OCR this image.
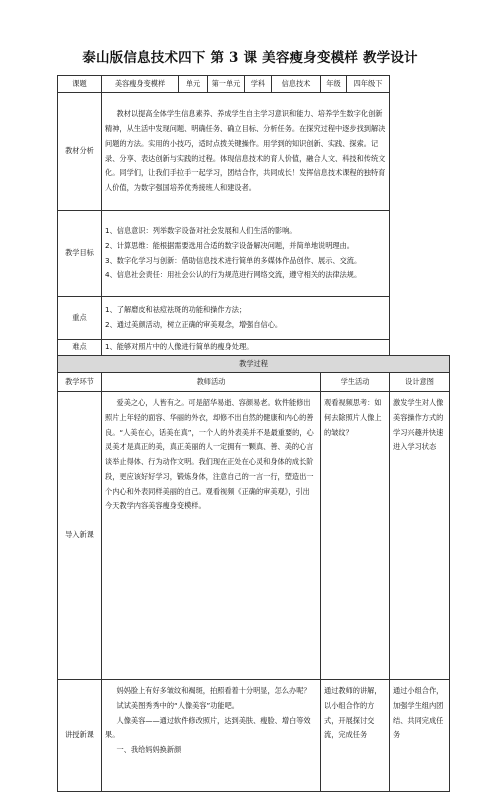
泰山版信息技术四下 第 3 课 美容瘦身变模样 教学设计
课题	美容瘦身变模样	单元	第一单元	学科	信息技术	年级	四年级下	
教材分析	教材以提高全体学生信息素养、养成学生自主学习意识和能力、培养学生数字化创新精神，从生活中发现问题、明确任务、确立目标、分析任务。在探究过程中逐步找到解决问题的方法。实用的小技巧，适时点拨关键操作。用学到的知识创新、实践、探索。记录、分享、表达创新与实践的过程。体现信息技术的育人价值，融合人文、科技和传统文化。同学们，让我们手拉手一起学习，团结合作，共同成长！发挥信息技术课程的独特育人价值，为数字强国培养优秀接班人和建设者。							

教学目标	1、信息意识：列举数字设备对社会发展和人们生活的影响。

2、计算思维：能根据需要选用合适的数字设备解决问题，并简单地说明理由。

3、数字化学习与创新：借助信息技术进行简单的多媒体作品创作、展示、交流。

4、信息社会责任：用社会公认的行为规范进行网络交流，遵守相关的法律法规。							

重点	1、了解磨皮和祛痘祛斑的功能和操作方法；

2、通过美颜活动，树立正确的审美观念，增强自信心。							

难点	1、能够对照片中的人像进行简单的瘦身处理。							
教学过程								
教学环节	教师活动					学生活动		设计意图
导入新课	爱美之心，人皆有之。可是韶华易逝、容颜易老。软件能修出照片上年轻的面容、华丽的外衣，却修不出自然的健康和内心的善良。“人美在心，话美在真”，一个人的外表美并不是最重要的，心灵美才是真正的美，真正美丽的人一定拥有一颗真、善、美的心言谈举止得体、行为动作文明。我们现在正处在心灵和身体的成长阶段，更应该好好学习，锻炼身体，注意自己的一言一行，塑造出一个内心和外表同样美丽的自己。观看视频《正确的审美观》，引出今天教学内容美容瘦身变模样。					观看视频思考：如何去除照片人像上的皱纹？		激发学生对人像美容操作方式的学习兴趣并快速进入学习状态

讲授新课	妈妈脸上有好多皱纹和褐斑，拍照看着十分明显，怎么办呢？

试试美图秀秀中的“人像美容”功能吧。

人像美容——通过软件修改照片，达到美肤、瘦脸、增白等效果。

一、我给妈妈换新颜					通过教师的讲解，以小组合作的方式，开展探讨交流，完成任务		通过小组合作，加强学生组内团结、共同完成任务
